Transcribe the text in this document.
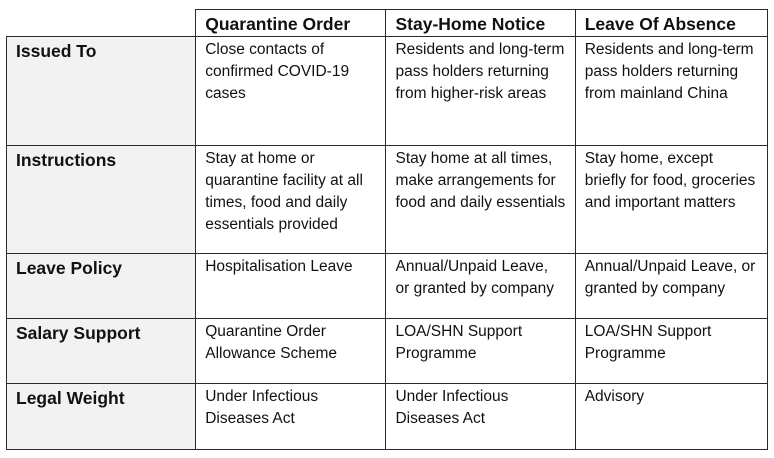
	Quarantine Order	Stay-Home Notice	Leave Of Absence
Issued To	Close contacts of confirmed COVID-19 cases	Residents and long-term pass holders returning from higher-risk areas	Residents and long-term pass holders returning from mainland China
Instructions	Stay at home or quarantine facility at all times, food and daily essentials provided	Stay home at all times, make arrangements for food and daily essentials	Stay home, except briefly for food, groceries and important matters
Leave Policy	Hospitalisation Leave	Annual/Unpaid Leave, or granted by company	Annual/Unpaid Leave, or granted by company
Salary Support	Quarantine Order Allowance Scheme	LOA/SHN Support Programme	LOA/SHN Support Programme
Legal Weight	Under Infectious Diseases Act	Under Infectious Diseases Act	Advisory
